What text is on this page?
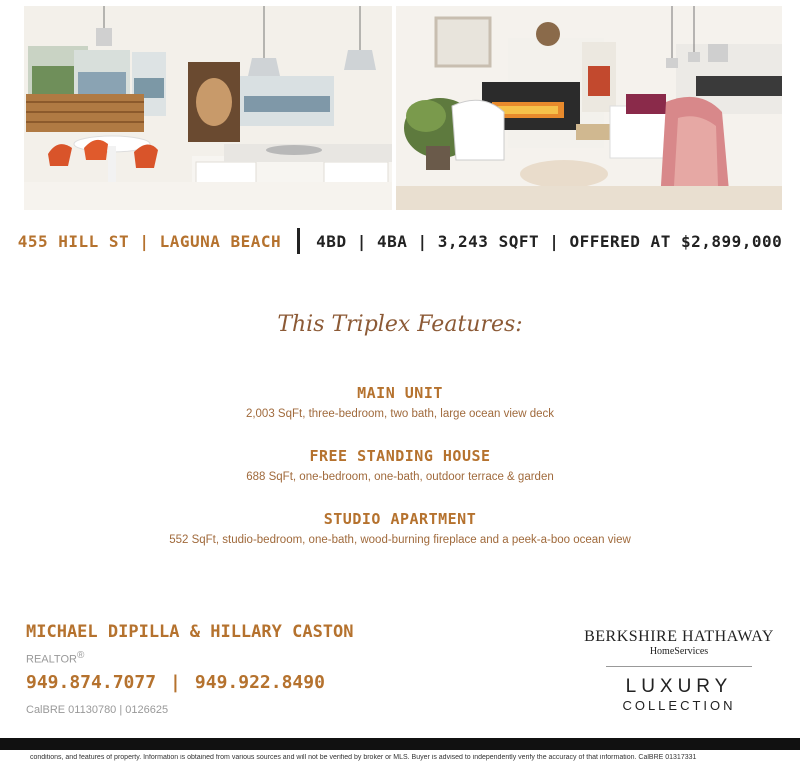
455 HILL ST | LAGUNA BEACH 4BD | 4BA | 3,243 SQFT | OFFERED AT $2,899,000
This Triplex Features:
MAIN UNIT
2,003 SqFt, three-bedroom, two bath, large ocean view deck
FREE STANDING HOUSE
688 SqFt, one-bedroom, one-bath, outdoor terrace & garden
STUDIO APARTMENT
552 SqFt, studio-bedroom, one-bath, wood-burning fireplace and a peek-a-boo ocean view
MICHAEL DIPILLA & HILLARY CASTON
REALTOR®
949.874.7077 | 949.922.8490
CalBRE 01130780 | 0126625
BERKSHIRE HATHAWAY
HomeServices
LUXURY
COLLECTION
conditions, and features of property. Information is obtained from various sources and will not be verified by broker or MLS. Buyer is advised to independently verify the accuracy of that information. CalBRE 01317331
